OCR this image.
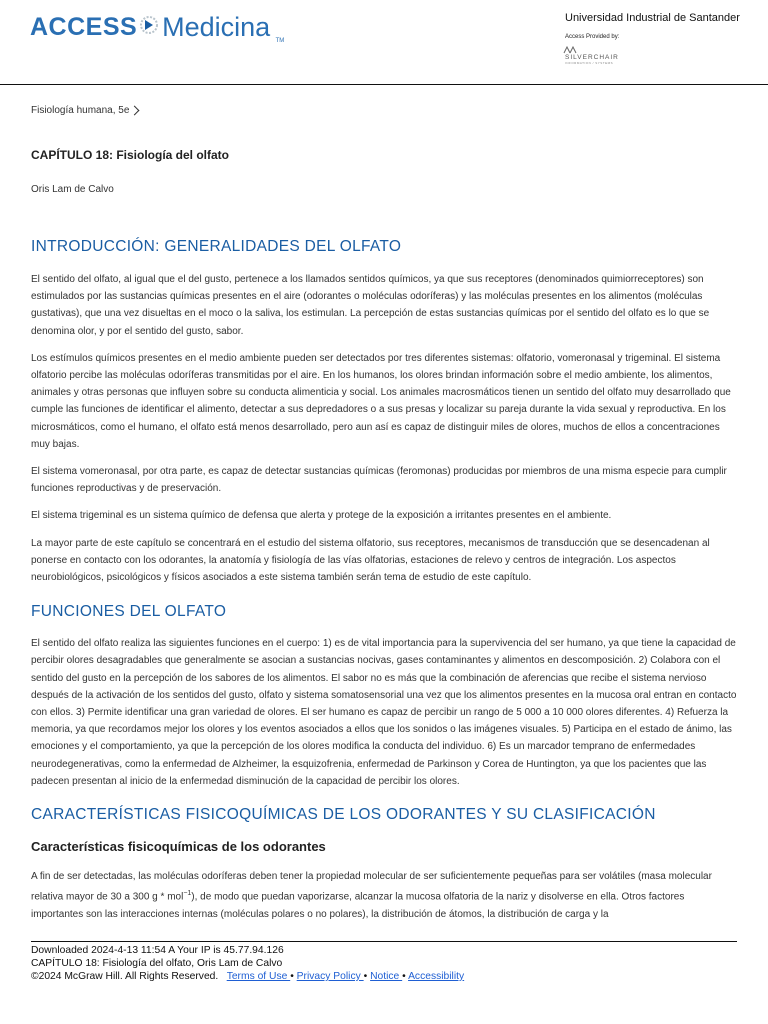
ACCESS Medicina $_{TM}$
Universidad Industrial de Santander
Access Provided by:
SILVERCHAIR
INFORMATION / SYSTEMS
Fisiología humana, 5e
CAPÍTULO 18: Fisiología del olfato
Oris Lam de Calvo
INTRODUCCIÓN: GENERALIDADES DEL OLFATO

El sentido del olfato, al igual que el del gusto, pertenece a los llamados sentidos químicos, ya que sus receptores (denominados quimiorreceptores) son estimulados por las sustancias químicas presentes en el aire (odorantes o moléculas odoríferas) y las moléculas presentes en los alimentos (moléculas gustativas), que una vez disueltas en el moco o la saliva, los estimulan. La percepción de estas sustancias químicas por el sentido del olfato es lo que se denomina olor, y por el sentido del gusto, sabor.

Los estímulos químicos presentes en el medio ambiente pueden ser detectados por tres diferentes sistemas: olfatorio, vomeronasal y trigeminal. El sistema olfatorio percibe las moléculas odoríferas transmitidas por el aire. En los humanos, los olores brindan información sobre el medio ambiente, los alimentos, animales y otras personas que influyen sobre su conducta alimenticia y social. Los animales macrosmáticos tienen un sentido del olfato muy desarrollado que cumple las funciones de identificar el alimento, detectar a sus depredadores o a sus presas y localizar su pareja durante la vida sexual y reproductiva. En los microsmáticos, como el humano, el olfato está menos desarrollado, pero aun así es capaz de distinguir miles de olores, muchos de ellos a concentraciones muy bajas.

El sistema vomeronasal, por otra parte, es capaz de detectar sustancias químicas (feromonas) producidas por miembros de una misma especie para cumplir funciones reproductivas y de preservación.

El sistema trigeminal es un sistema químico de defensa que alerta y protege de la exposición a irritantes presentes en el ambiente.

La mayor parte de este capítulo se concentrará en el estudio del sistema olfatorio, sus receptores, mecanismos de transducción que se desencadenan al ponerse en contacto con los odorantes, la anatomía y fisiología de las vías olfatorias, estaciones de relevo y centros de integración. Los aspectos neurobiológicos, psicológicos y físicos asociados a este sistema también serán tema de estudio de este capítulo.

FUNCIONES DEL OLFATO

El sentido del olfato realiza las siguientes funciones en el cuerpo: 1) es de vital importancia para la supervivencia del ser humano, ya que tiene la capacidad de percibir olores desagradables que generalmente se asocian a sustancias nocivas, gases contaminantes y alimentos en descomposición. 2) Colabora con el sentido del gusto en la percepción de los sabores de los alimentos. El sabor no es más que la combinación de aferencias que recibe el sistema nervioso después de la activación de los sentidos del gusto, olfato y sistema somatosensorial una vez que los alimentos presentes en la mucosa oral entran en contacto con ellos. 3) Permite identificar una gran variedad de olores. El ser humano es capaz de percibir un rango de 5 000 a 10 000 olores diferentes. 4) Refuerza la memoria, ya que recordamos mejor los olores y los eventos asociados a ellos que los sonidos o las imágenes visuales. 5) Participa en el estado de ánimo, las emociones y el comportamiento, ya que la percepción de los olores modifica la conducta del individuo. 6) Es un marcador temprano de enfermedades neurodegenerativas, como la enfermedad de Alzheimer, la esquizofrenia, enfermedad de Parkinson y Corea de Huntington, ya que los pacientes que las padecen presentan al inicio de la enfermedad disminución de la capacidad de percibir los olores.

CARACTERÍSTICAS FISICOQUÍMICAS DE LOS ODORANTES Y SU CLASIFICACIÓN
Características fisicoquímicas de los odorantes

A fin de ser detectadas, las moléculas odoríferas deben tener la propiedad molecular de ser suficientemente pequeñas para ser volátiles (masa molecular relativa mayor de 30 a 300 g * mol$^{-1}$), de modo que puedan vaporizarse, alcanzar la mucosa olfatoria de la nariz y disolverse en ella. Otros factores importantes son las interacciones internas (moléculas polares o no polares), la distribución de átomos, la distribución de carga y la

Downloaded 2024-4-13 11:54 A Your IP is 45.77.94.126
CAPÍTULO 18: Fisiología del olfato, Oris Lam de Calvo
©2024 McGraw Hill. All Rights Reserved. Terms of Use • Privacy Policy • Notice • Accessibility
